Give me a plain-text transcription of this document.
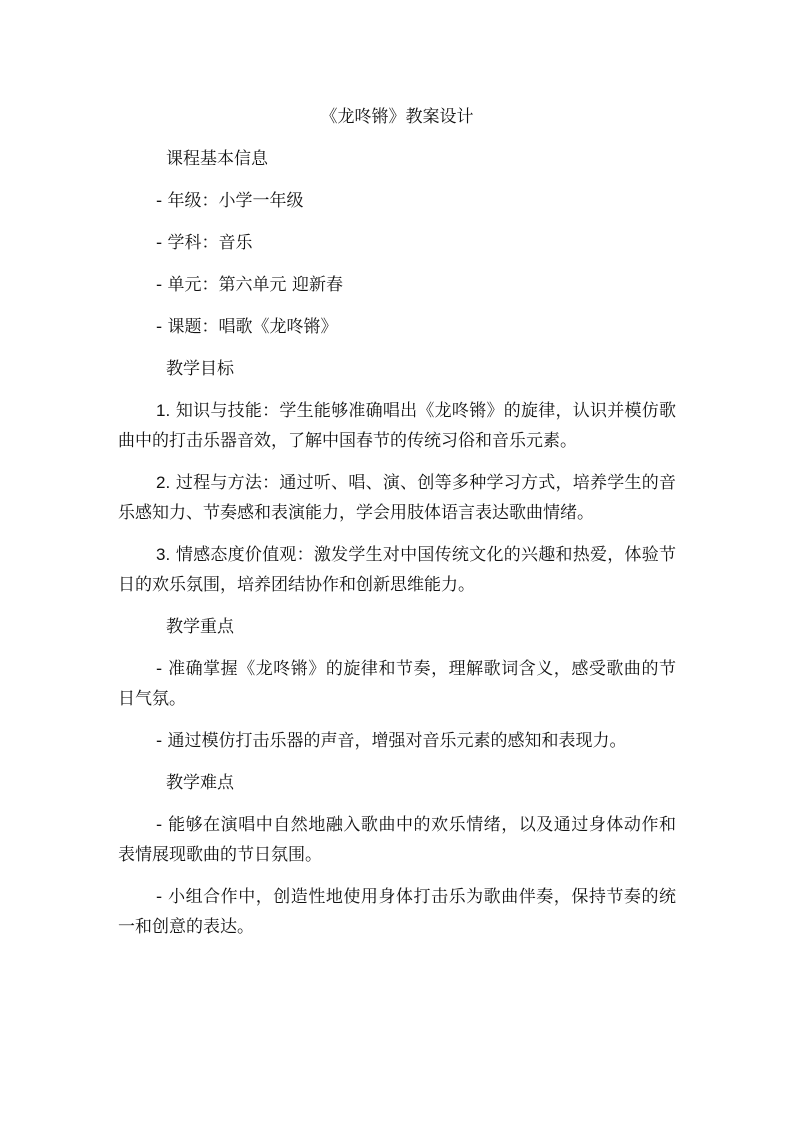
《龙咚锵》教案设计
课程基本信息
- 年级：小学一年级
- 学科：音乐
- 单元：第六单元 迎新春
- 课题：唱歌《龙咚锵》
教学目标
1. 知识与技能：学生能够准确唱出《龙咚锵》的旋律，认识并模仿歌曲中的打击乐器音效，了解中国春节的传统习俗和音乐元素。
2. 过程与方法：通过听、唱、演、创等多种学习方式，培养学生的音乐感知力、节奏感和表演能力，学会用肢体语言表达歌曲情绪。
3. 情感态度价值观：激发学生对中国传统文化的兴趣和热爱，体验节日的欢乐氛围，培养团结协作和创新思维能力。
教学重点
- 准确掌握《龙咚锵》的旋律和节奏，理解歌词含义，感受歌曲的节日气氛。
- 通过模仿打击乐器的声音，增强对音乐元素的感知和表现力。
教学难点
- 能够在演唱中自然地融入歌曲中的欢乐情绪，以及通过身体动作和表情展现歌曲的节日氛围。
- 小组合作中，创造性地使用身体打击乐为歌曲伴奏，保持节奏的统一和创意的表达。
